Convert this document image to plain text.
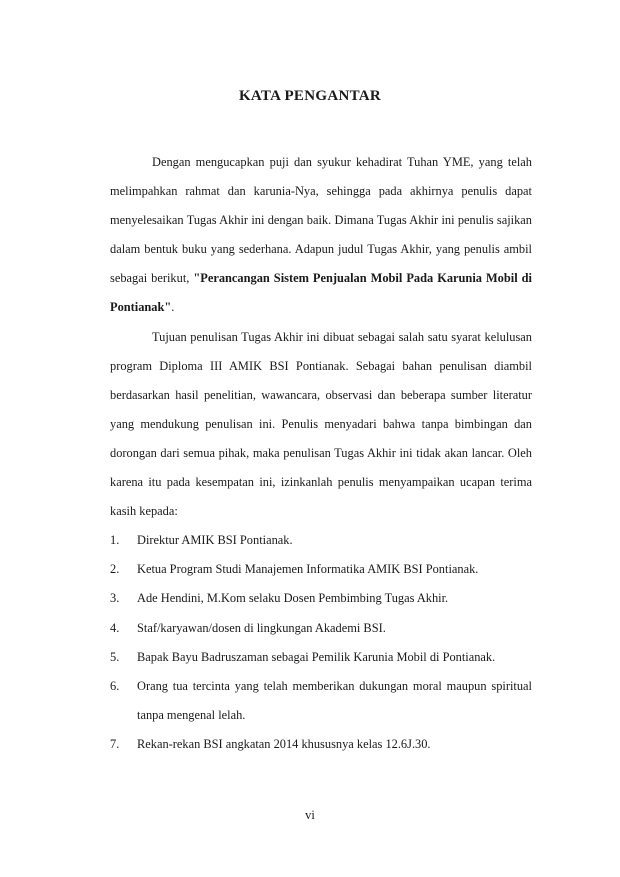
KATA PENGANTAR

Dengan mengucapkan puji dan syukur kehadirat Tuhan YME, yang telah melimpahkan rahmat dan karunia-Nya, sehingga pada akhirnya penulis dapat menyelesaikan Tugas Akhir ini dengan baik. Dimana Tugas Akhir ini penulis sajikan dalam bentuk buku yang sederhana. Adapun judul Tugas Akhir, yang penulis ambil sebagai berikut, "Perancangan Sistem Penjualan Mobil Pada Karunia Mobil di Pontianak".

Tujuan penulisan Tugas Akhir ini dibuat sebagai salah satu syarat kelulusan program Diploma III AMIK BSI Pontianak. Sebagai bahan penulisan diambil berdasarkan hasil penelitian, wawancara, observasi dan beberapa sumber literatur yang mendukung penulisan ini. Penulis menyadari bahwa tanpa bimbingan dan dorongan dari semua pihak, maka penulisan Tugas Akhir ini tidak akan lancar. Oleh karena itu pada kesempatan ini, izinkanlah penulis menyampaikan ucapan terima kasih kepada:

1.	Direktur AMIK BSI Pontianak.
2.	Ketua Program Studi Manajemen Informatika AMIK BSI Pontianak.
3.	Ade Hendini, M.Kom selaku Dosen Pembimbing Tugas Akhir.
4.	Staf/karyawan/dosen di lingkungan Akademi BSI.
5.	Bapak Bayu Badruszaman sebagai Pemilik Karunia Mobil di Pontianak.
6.	Orang tua tercinta yang telah memberikan dukungan moral maupun spiritual tanpa mengenal lelah.
7.	Rekan-rekan BSI angkatan 2014 khususnya kelas 12.6J.30.

vi
